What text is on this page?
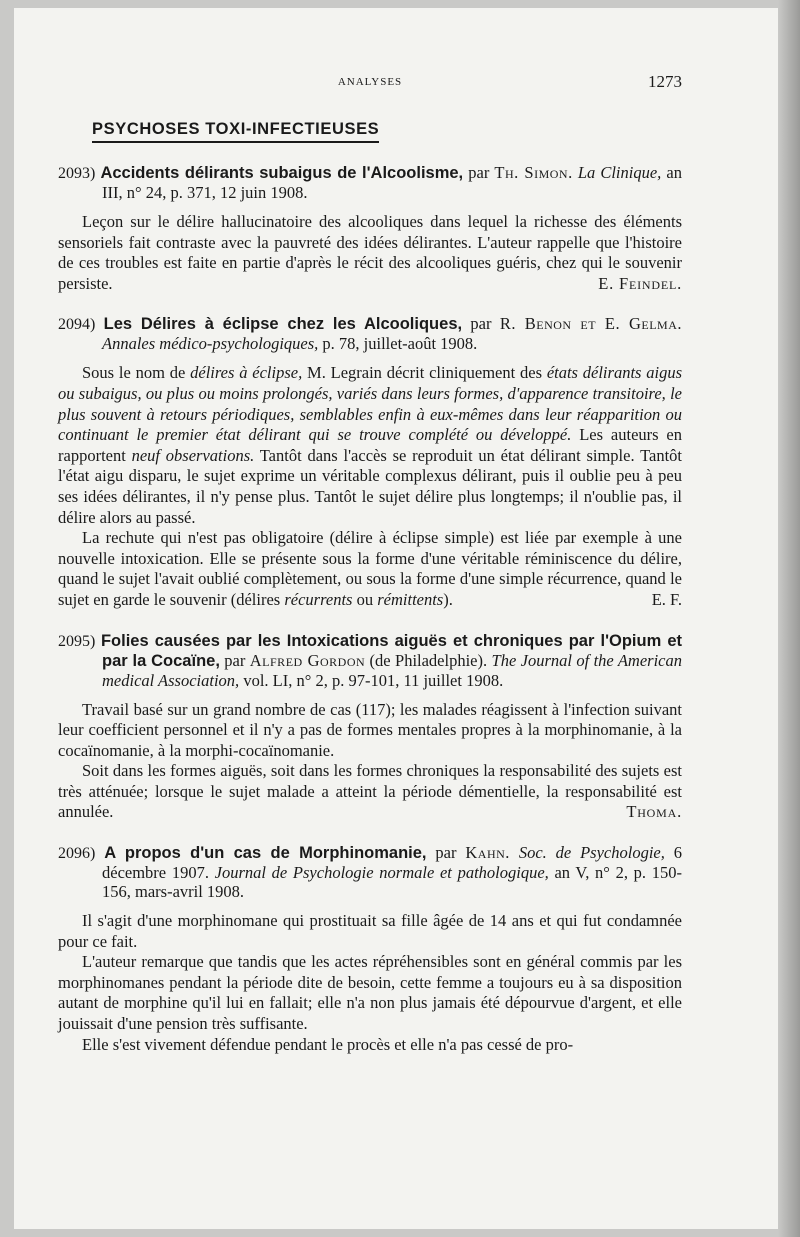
ANALYSES	1273
PSYCHOSES TOXI-INFECTIEUSES
2093) Accidents délirants subaigus de l'Alcoolisme, par Th. Simon. La Clinique, an III, n° 24, p. 371, 12 juin 1908.

Leçon sur le délire hallucinatoire des alcooliques dans lequel la richesse des éléments sensoriels fait contraste avec la pauvreté des idées délirantes. L'auteur rappelle que l'histoire de ces troubles est faite en partie d'après le récit des alcooliques guéris, chez qui le souvenir persiste.	E. Feindel.

2094) Les Délires à éclipse chez les Alcooliques, par R. Benon et E. Gelma. Annales médico-psychologiques, p. 78, juillet-août 1908.

Sous le nom de délires à éclipse, M. Legrain décrit cliniquement des états délirants aigus ou subaigus, ou plus ou moins prolongés, variés dans leurs formes, d'apparence transitoire, le plus souvent à retours périodiques, semblables enfin à eux-mêmes dans leur réapparition ou continuant le premier état délirant qui se trouve complété ou développé. Les auteurs en rapportent neuf observations. Tantôt dans l'accès se reproduit un état délirant simple. Tantôt l'état aigu disparu, le sujet exprime un véritable complexus délirant, puis il oublie peu à peu ses idées délirantes, il n'y pense plus. Tantôt le sujet délire plus longtemps; il n'oublie pas, il délire alors au passé.

La rechute qui n'est pas obligatoire (délire à éclipse simple) est liée par exemple à une nouvelle intoxication. Elle se présente sous la forme d'une véritable réminiscence du délire, quand le sujet l'avait oublié complètement, ou sous la forme d'une simple récurrence, quand le sujet en garde le souvenir (délires récurrents ou rémittents).	E. F.

2095) Folies causées par les Intoxications aiguës et chroniques par l'Opium et par la Cocaïne, par Alfred Gordon (de Philadelphie). The Journal of the American medical Association, vol. LI, n° 2, p. 97-101, 11 juillet 1908.

Travail basé sur un grand nombre de cas (117); les malades réagissent à l'infection suivant leur coefficient personnel et il n'y a pas de formes mentales propres à la morphinomanie, à la cocaïnomanie, à la morphi-cocaïnomanie.

Soit dans les formes aiguës, soit dans les formes chroniques la responsabilité des sujets est très atténuée; lorsque le sujet malade a atteint la période démentielle, la responsabilité est annulée.	Thoma.

2096) A propos d'un cas de Morphinomanie, par Kahn. Soc. de Psychologie, 6 décembre 1907. Journal de Psychologie normale et pathologique, an V, n° 2, p. 150-156, mars-avril 1908.

Il s'agit d'une morphinomane qui prostituait sa fille âgée de 14 ans et qui fut condamnée pour ce fait.

L'auteur remarque que tandis que les actes répréhensibles sont en général commis par les morphinomanes pendant la période dite de besoin, cette femme a toujours eu à sa disposition autant de morphine qu'il lui en fallait; elle n'a non plus jamais été dépourvue d'argent, et elle jouissait d'une pension très suffisante.

Elle s'est vivement défendue pendant le procès et elle n'a pas cessé de pro-
